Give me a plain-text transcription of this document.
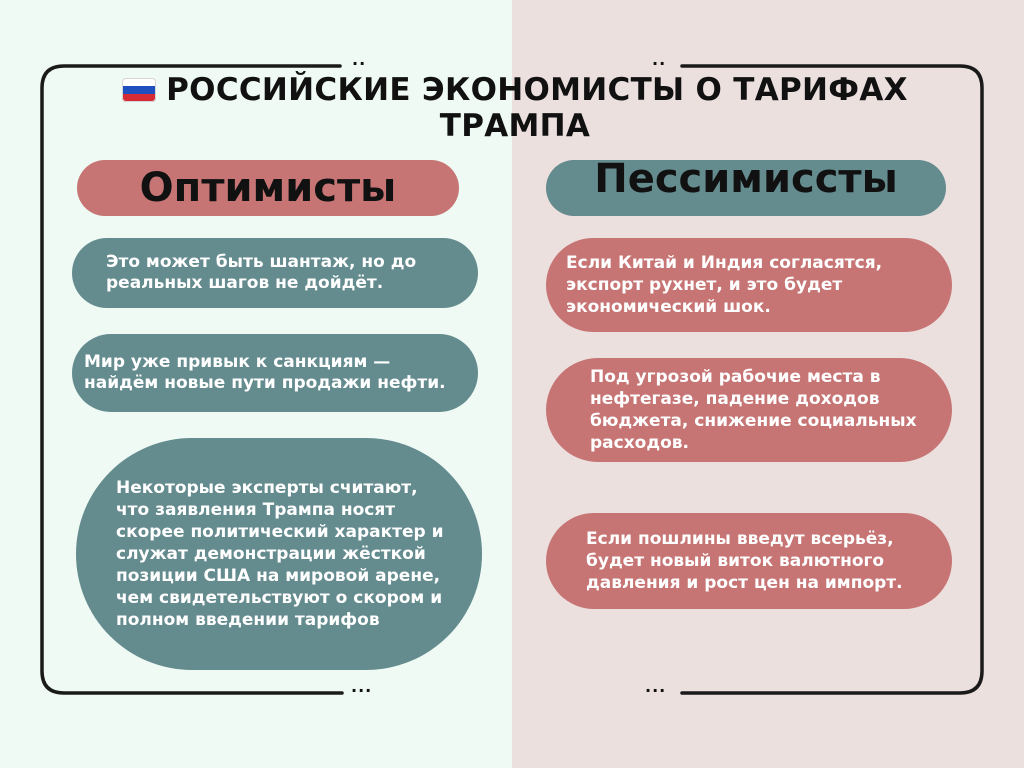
..	..
...	...
РОССИЙСКИЕ ЭКОНОМИСТЫ О ТАРИФАХ ТРАМПА
Оптимисты	Пессимиссты
Это может быть шантаж, но до реальных шагов не дойдёт.
Мир уже привык к санкциям — найдём новые пути продажи нефти.
Некоторые эксперты считают, что заявления Трампа носят скорее политический характер и служат демонстрации жёсткой позиции США на мировой арене, чем свидетельствуют о скором и полном введении тарифов
Если Китай и Индия согласятся, экспорт рухнет, и это будет экономический шок.
Под угрозой рабочие места в нефтегазе, падение доходов бюджета, снижение социальных расходов.
Если пошлины введут всерьёз, будет новый виток валютного давления и рост цен на импорт.
